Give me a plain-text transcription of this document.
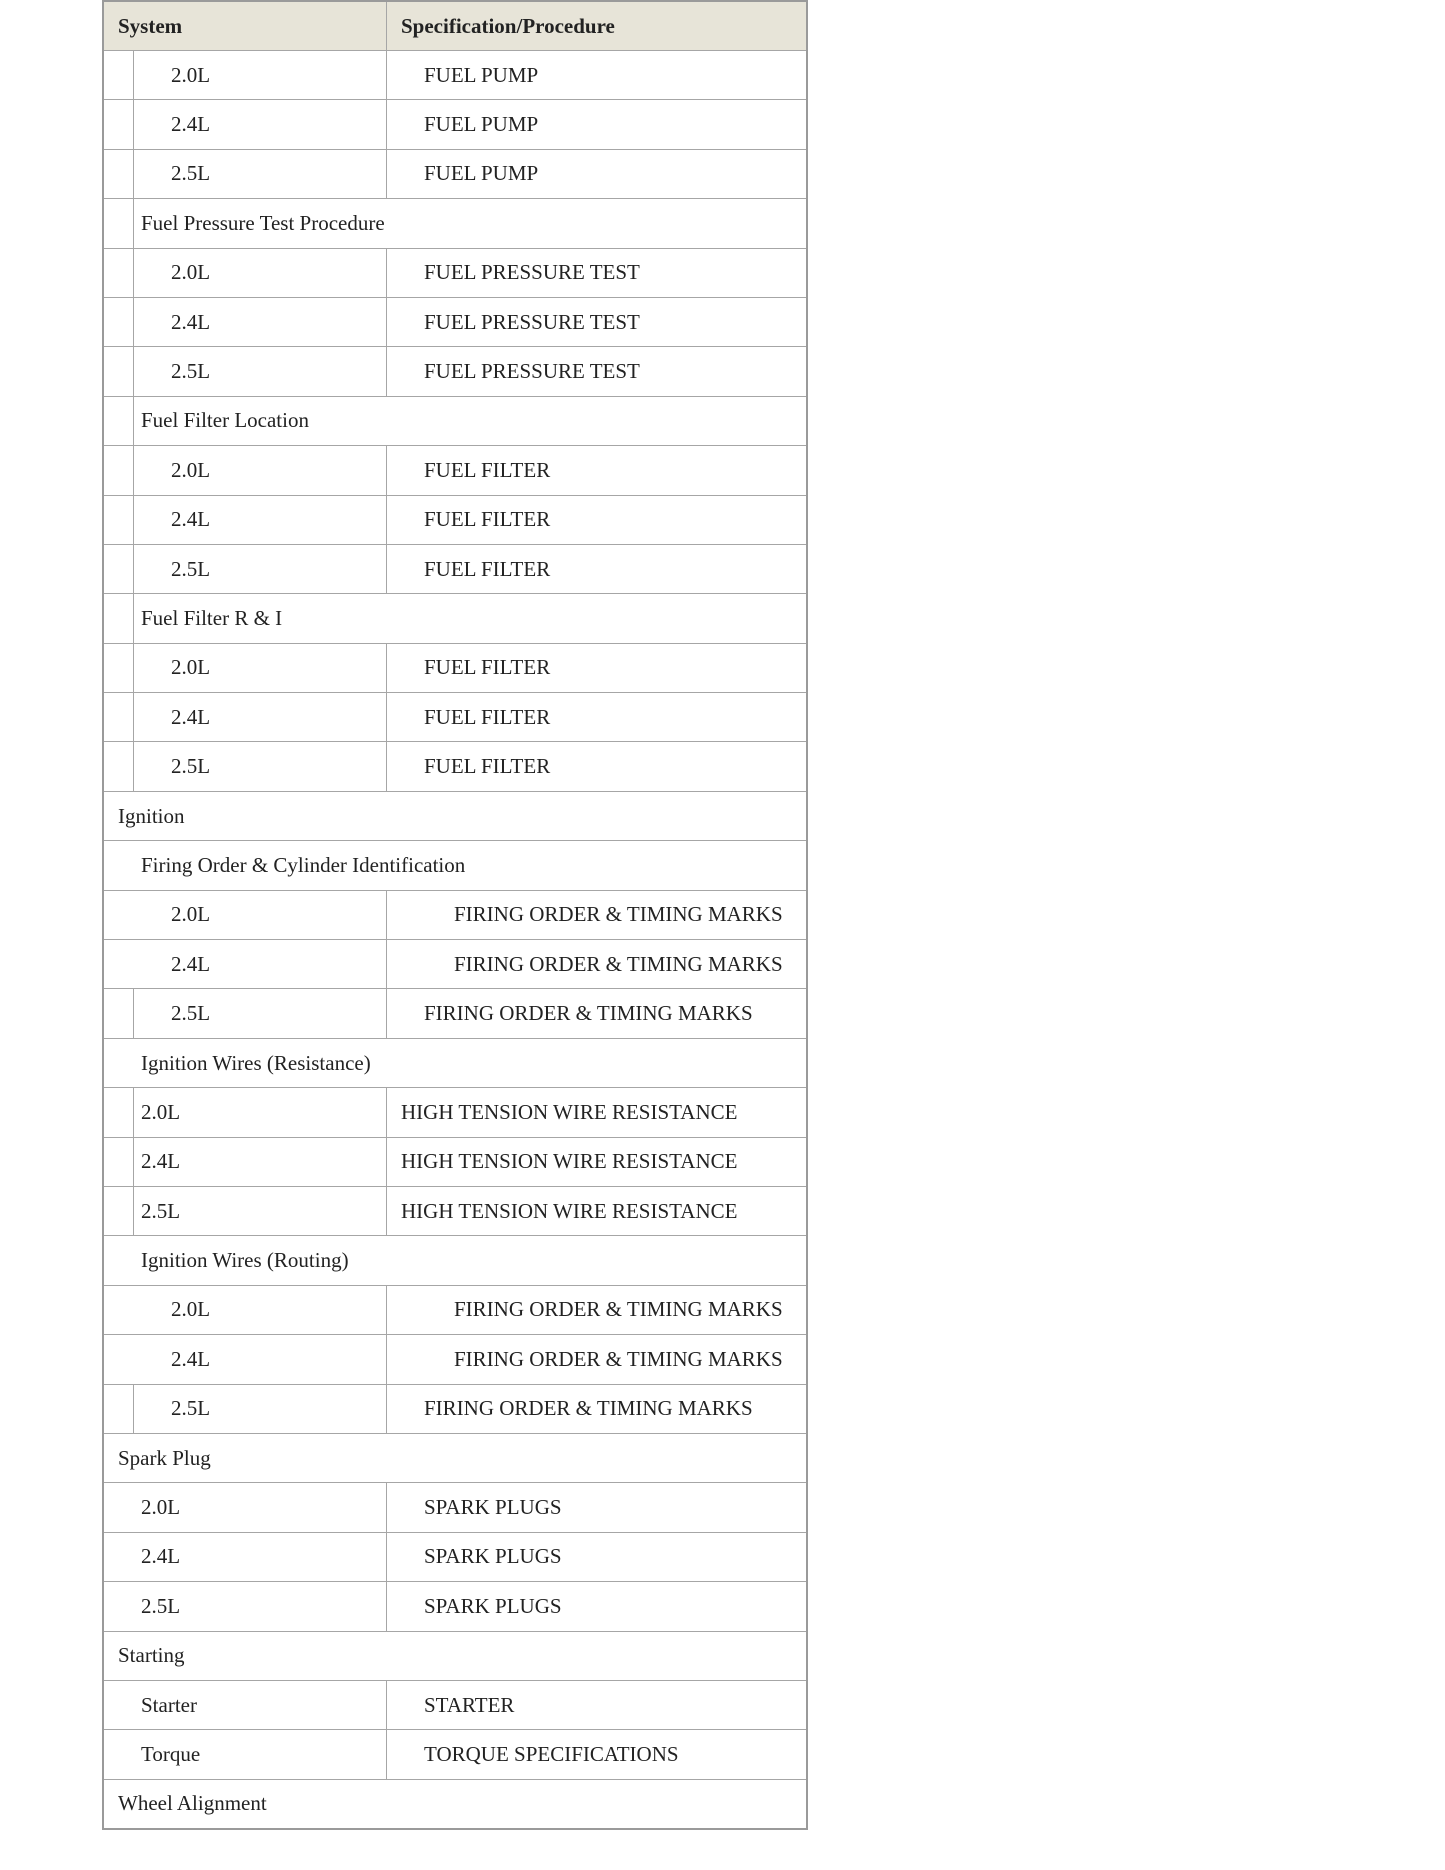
System	Specification/Procedure
2.0L	FUEL PUMP
2.4L	FUEL PUMP
2.5L	FUEL PUMP
Fuel Pressure Test Procedure
2.0L	FUEL PRESSURE TEST
2.4L	FUEL PRESSURE TEST
2.5L	FUEL PRESSURE TEST
Fuel Filter Location
2.0L	FUEL FILTER
2.4L	FUEL FILTER
2.5L	FUEL FILTER
Fuel Filter R & I
2.0L	FUEL FILTER
2.4L	FUEL FILTER
2.5L	FUEL FILTER
Ignition
Firing Order & Cylinder Identification
2.0L	FIRING ORDER & TIMING MARKS
2.4L	FIRING ORDER & TIMING MARKS
2.5L	FIRING ORDER & TIMING MARKS
Ignition Wires (Resistance)
2.0L	HIGH TENSION WIRE RESISTANCE
2.4L	HIGH TENSION WIRE RESISTANCE
2.5L	HIGH TENSION WIRE RESISTANCE
Ignition Wires (Routing)
2.0L	FIRING ORDER & TIMING MARKS
2.4L	FIRING ORDER & TIMING MARKS
2.5L	FIRING ORDER & TIMING MARKS
Spark Plug
2.0L	SPARK PLUGS
2.4L	SPARK PLUGS
2.5L	SPARK PLUGS
Starting
Starter	STARTER
Torque	TORQUE SPECIFICATIONS
Wheel Alignment
